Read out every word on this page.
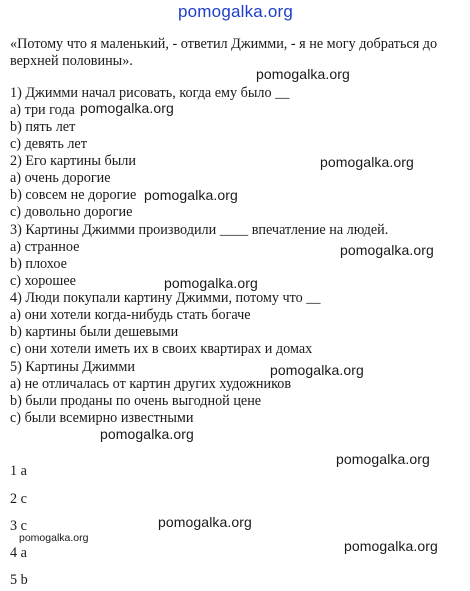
pomogalka.org
«Потому что я маленький, - ответил Джимми, - я не могу добраться до верхней половины».
1) Джимми начал рисовать, когда ему было __
a) три года
b) пять лет
c) девять лет
2) Его картины были
a) очень дорогие
b) совсем не дорогие
c) довольно дорогие
3) Картины Джимми производили ____ впечатление на людей.
a) странное
b) плохое
c) хорошее
4) Люди покупали картину Джимми, потому что __
a) они хотели когда-нибудь стать богаче
b) картины были дешевыми
c) они хотели иметь их в своих квартирах и домах
5) Картины Джимми
a) не отличалась от картин других художников
b) были проданы по очень выгодной цене
c) были всемирно известными
1 a
2 c
3 c
4 a
5 b
pomogalka.org
pomogalka.org
pomogalka.org
pomogalka.org
pomogalka.org
pomogalka.org
pomogalka.org
pomogalka.org
pomogalka.org
pomogalka.org
pomogalka.org
pomogalka.org
